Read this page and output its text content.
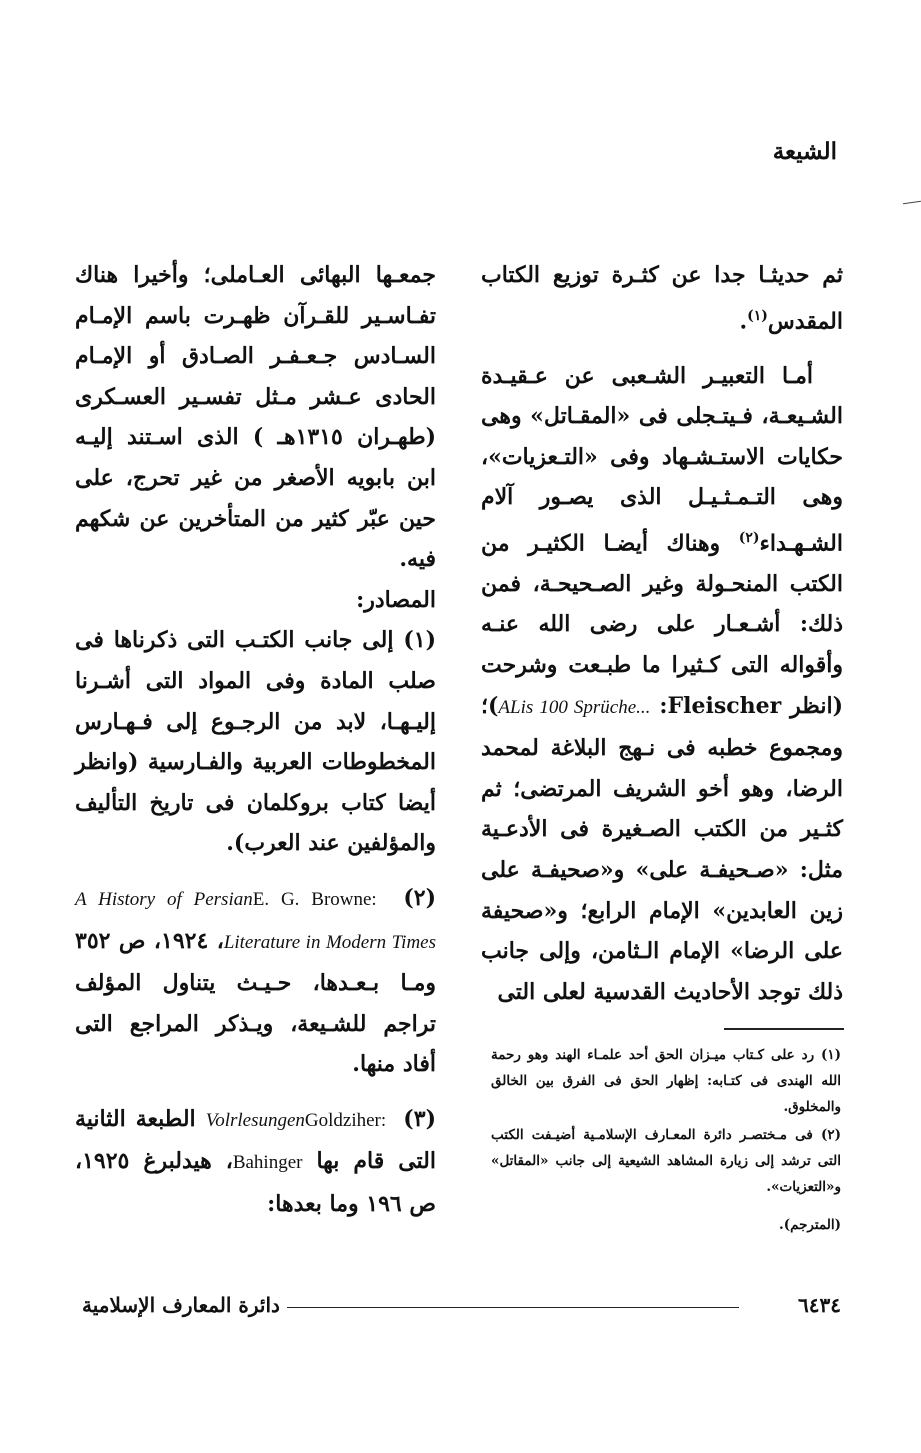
الشيعة

ثم حديثـا جدا عن كثـرة توزيع الكتاب المقدس$^{(١)}$.

أمـا التعبيـر الشـعبى عن عـقيـدة الشـيعـة، فـيتـجلى فى «المقـاتل» وهى حكايات الاستـشـهاد وفى «التـعزيات»، وهى التـمـثـيـل الذى يصـور آلام الشـهـداء$^{(٢)}$ وهناك أيضـا الكثيـر من الكتب المنحـولة وغير الصـحيحـة، فمن ذلك: أشـعـار على رضى الله عنـه وأقواله التى كـثيرا ما طبـعت وشرحت (انظر Fleischer: ALis 100 Sprüche...)؛ ومجموع خطبه فى نـهج البلاغة لمحمد الرضا، وهو أخو الشريف المرتضى؛ ثم كثـير من الكتب الصـغيرة فى الأدعـية مثل: «صـحيفـة على» و«صحيفـة على زين العابدين» الإمام الرابع؛ و«صحيفة على الرضا» الإمام الـثامن، وإلى جانب ذلك توجد الأحاديث القدسية لعلى التى

جمعـها البهائى العـاملى؛ وأخيرا هناك تفـاسـير للقـرآن ظهـرت باسم الإمـام السـادس جـعـفـر الصـادق أو الإمـام الحادى عـشر مـثل تفسـير العسـكرى (طهـران ١٣١٥هـ ) الذى اسـتند إليـه ابن بابويه الأصغر من غير تحرج، على حين عبّر كثير من المتأخرين عن شكهم فيه.

المصادر:

(١) إلى جانب الكتـب التى ذكرناها فى صلب المادة وفى المواد التى أشـرنا إليـهـا، لابد من الرجـوع إلى فـهـارس المخطوطات العربية والفـارسية (وانظر أيضا كتاب بروكلمان فى تاريخ التأليف والمؤلفين عند العرب).

(٢) E. G. Browne: A History of Persian Literature in Modern Times، ١٩٢٤، ص ٣٥٢ ومـا بـعـدها، حـيـث يتناول المؤلف تراجم للشـيعة، ويـذكر المراجع التى أفاد منها.

(٣) Goldziher: Volrlesungen الطبعة الثانية التى قام بها Bahinger، هيدلبرغ ١٩٢٥، ص ١٩٦ وما بعدها:

(١) رد على كـتاب ميـزان الحق أحد علمـاء الهند وهو رحمة الله الهندى فى كتـابه: إظهار الحق فى الفرق بين الخالق والمخلوق.

(٢) فى مـختصـر دائرة المعـارف الإسلامـية أضيـفت الكتب التى ترشد إلى زيارة المشاهد الشيعية إلى جانب «المقاتل» و«التعزيات».

(المترجم).

دائرة المعارف الإسلامية	٦٤٣٤
